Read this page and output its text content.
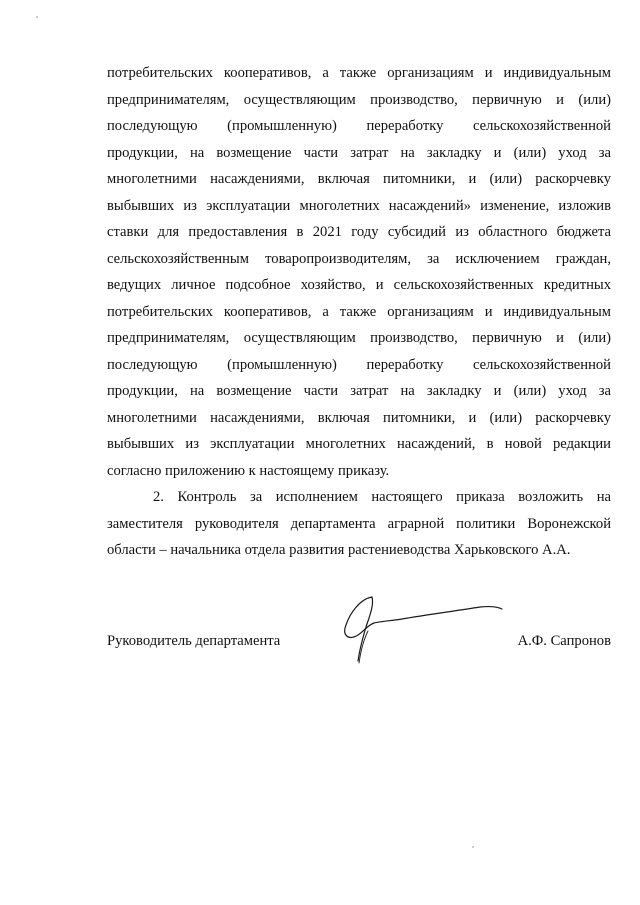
потребительских кооперативов, а также организациям и индивидуальным
предпринимателям, осуществляющим производство, первичную и (или)
последующую (промышленную) переработку сельскохозяйственной
продукции, на возмещение части затрат на закладку и (или) уход за
многолетними насаждениями, включая питомники, и (или) раскорчевку
выбывших из эксплуатации многолетних насаждений» изменение, изложив
ставки для предоставления в 2021 году субсидий из областного бюджета
сельскохозяйственным товаропроизводителям, за исключением граждан,
ведущих личное подсобное хозяйство, и сельскохозяйственных кредитных
потребительских кооперативов, а также организациям и индивидуальным
предпринимателям, осуществляющим производство, первичную и (или)
последующую (промышленную) переработку сельскохозяйственной
продукции, на возмещение части затрат на закладку и (или) уход за
многолетними насаждениями, включая питомники, и (или) раскорчевку
выбывших из эксплуатации многолетних насаждений, в новой редакции
согласно приложению к настоящему приказу.
2. Контроль за исполнением настоящего приказа возложить на
заместителя руководителя департамента аграрной политики Воронежской
области – начальника отдела развития растениеводства Харьковского А.А.
Руководитель департамента	А.Ф. Сапронов
